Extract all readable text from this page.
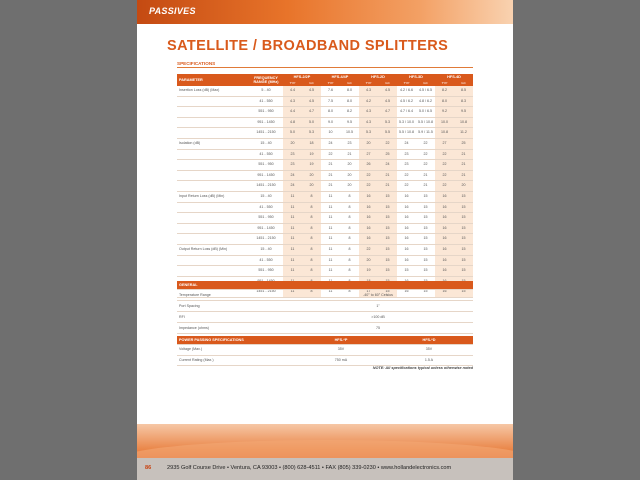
PASSIVES
SATELLITE / BROADBAND SPLITTERS
SPECIFICATIONS
PARAMETER	FREQUENCY RANGE (MHz)	HFS-2/2P		HFS-4/4P		HFS-2D		HFS-3D		HFS-4D	
		TYP	GC	TYP	GC	TYP	GC	TYP	GC	TYP	GC
Insertion Loss (dB) (Max)	5 - 40	4.4	4.5	7.6	8.0	4.3	4.5	4.2 / 6.6	4.5 / 6.5	8.2	8.5
	41 - 550	4.3	4.5	7.5	8.0	4.2	4.5	4.5 / 6.2	4.8 / 6.2	8.0	8.3
	551 - 950	4.4	4.7	8.0	8.2	4.3	4.7	4.7 / 6.4	5.0 / 6.5	9.2	9.5
	951 - 1450	4.8	5.0	9.0	9.5	4.3	5.3	5.3 / 10.0	5.5 / 10.8	10.0	10.8
	1451 - 2150	5.0	5.3	10	10.5	5.3	5.5	5.5 / 10.8	5.9 / 11.5	10.8	11.2
Isolation (dB)	15 - 40	20	18	24	23	20	22	24	22	27	25
	41 - 550	23	19	22	21	27	25	23	22	22	21
	551 - 950	23	19	21	20	26	24	23	22	22	21
	951 - 1450	24	20	21	20	22	21	22	21	22	21
	1451 - 2150	24	20	21	20	22	21	22	21	22	20
Input Return Loss (dB) (Min)	15 - 40	11	8	11	8	16	15	16	15	16	15
	41 - 550	11	8	11	8	16	15	16	15	16	15
	551 - 950	11	8	11	8	16	15	16	15	16	15
	951 - 1450	11	8	11	8	16	15	16	15	16	15
	1451 - 2150	11	8	11	8	16	15	16	15	16	15
Output Return Loss (dB) (Min)	15 - 40	11	8	11	8	22	15	16	15	16	15
	41 - 550	11	8	11	8	20	15	16	15	16	15
	551 - 950	11	8	11	8	19	15	15	15	16	15

	1451 - 2150	11	8	11	8	17	15	16	15	16	15
GENERAL	
Temperature Range	-40° to 60° Celsius
Port Spacing	1"
RFI	>100 dB
Impedance (ohms)	75
POWER PASSING SPECIFICATIONS	HFS-*P	HFS-*D
Voltage (Max.)	35V	35V
Current Rating (Max.)	750 mA	1.5 A
NOTE: All specifications typical unless otherwise noted
86	2935 Golf Course Drive • Ventura, CA 93003 • (800) 628-4511 • FAX (805) 339-0230 • www.hollandelectronics.com
